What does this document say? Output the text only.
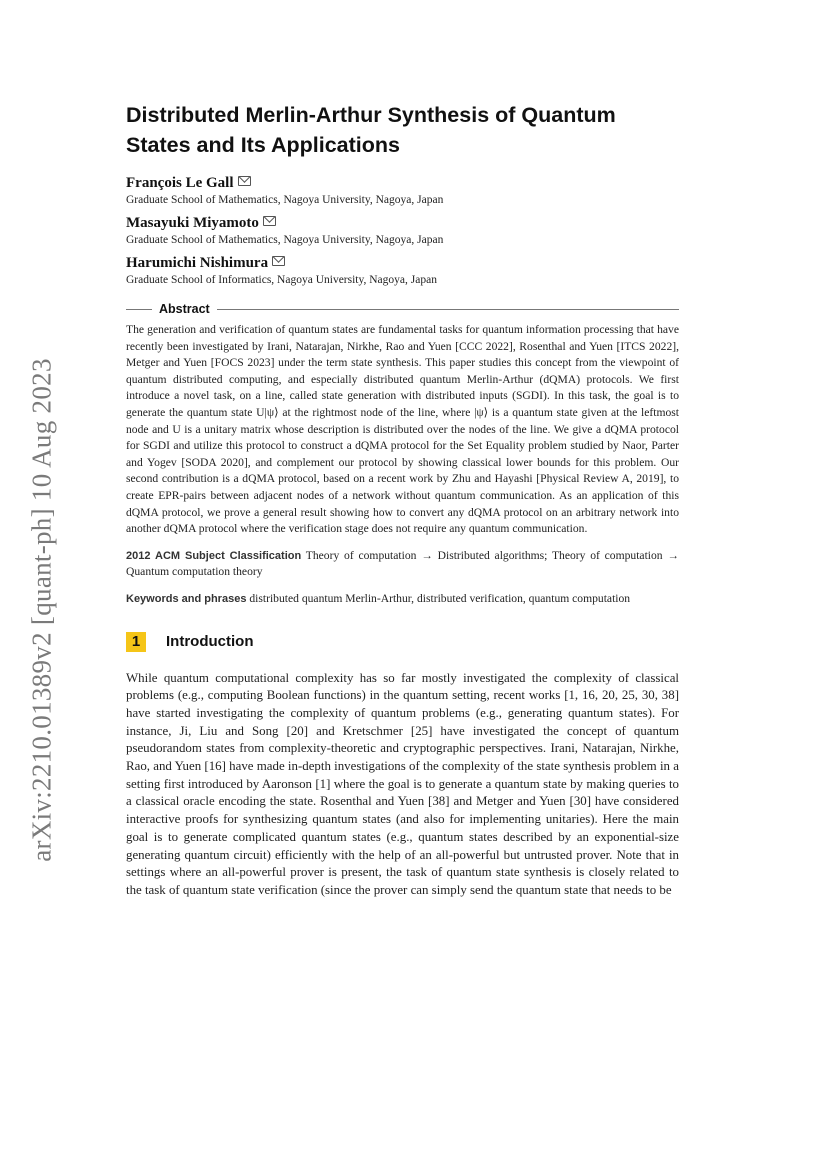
arXiv:2210.01389v2 [quant-ph] 10 Aug 2023
Distributed Merlin-Arthur Synthesis of Quantum States and Its Applications
François Le Gall
Graduate School of Mathematics, Nagoya University, Nagoya, Japan
Masayuki Miyamoto
Graduate School of Mathematics, Nagoya University, Nagoya, Japan
Harumichi Nishimura
Graduate School of Informatics, Nagoya University, Nagoya, Japan
Abstract

The generation and verification of quantum states are fundamental tasks for quantum information processing that have recently been investigated by Irani, Natarajan, Nirkhe, Rao and Yuen [CCC 2022], Rosenthal and Yuen [ITCS 2022], Metger and Yuen [FOCS 2023] under the term state synthesis. This paper studies this concept from the viewpoint of quantum distributed computing, and especially distributed quantum Merlin-Arthur (dQMA) protocols. We first introduce a novel task, on a line, called state generation with distributed inputs (SGDI). In this task, the goal is to generate the quantum state U|ψ⟩ at the rightmost node of the line, where |ψ⟩ is a quantum state given at the leftmost node and U is a unitary matrix whose description is distributed over the nodes of the line. We give a dQMA protocol for SGDI and utilize this protocol to construct a dQMA protocol for the Set Equality problem studied by Naor, Parter and Yogev [SODA 2020], and complement our protocol by showing classical lower bounds for this problem. Our second contribution is a dQMA protocol, based on a recent work by Zhu and Hayashi [Physical Review A, 2019], to create EPR-pairs between adjacent nodes of a network without quantum communication. As an application of this dQMA protocol, we prove a general result showing how to convert any dQMA protocol on an arbitrary network into another dQMA protocol where the verification stage does not require any quantum communication.

2012 ACM Subject Classification Theory of computation → Distributed algorithms; Theory of computation → Quantum computation theory
Keywords and phrases distributed quantum Merlin-Arthur, distributed verification, quantum computation
1	Introduction

While quantum computational complexity has so far mostly investigated the complexity of classical problems (e.g., computing Boolean functions) in the quantum setting, recent works [1, 16, 20, 25, 30, 38] have started investigating the complexity of quantum problems (e.g., generating quantum states). For instance, Ji, Liu and Song [20] and Kretschmer [25] have investigated the concept of quantum pseudorandom states from complexity-theoretic and cryptographic perspectives. Irani, Natarajan, Nirkhe, Rao, and Yuen [16] have made in-depth investigations of the complexity of the state synthesis problem in a setting first introduced by Aaronson [1] where the goal is to generate a quantum state by making queries to a classical oracle encoding the state. Rosenthal and Yuen [38] and Metger and Yuen [30] have considered interactive proofs for synthesizing quantum states (and also for implementing unitaries). Here the main goal is to generate complicated quantum states (e.g., quantum states described by an exponential-size generating quantum circuit) efficiently with the help of an all-powerful but untrusted prover. Note that in settings where an all-powerful prover is present, the task of quantum state synthesis is closely related to the task of quantum state verification (since the prover can simply send the quantum state that needs to be
